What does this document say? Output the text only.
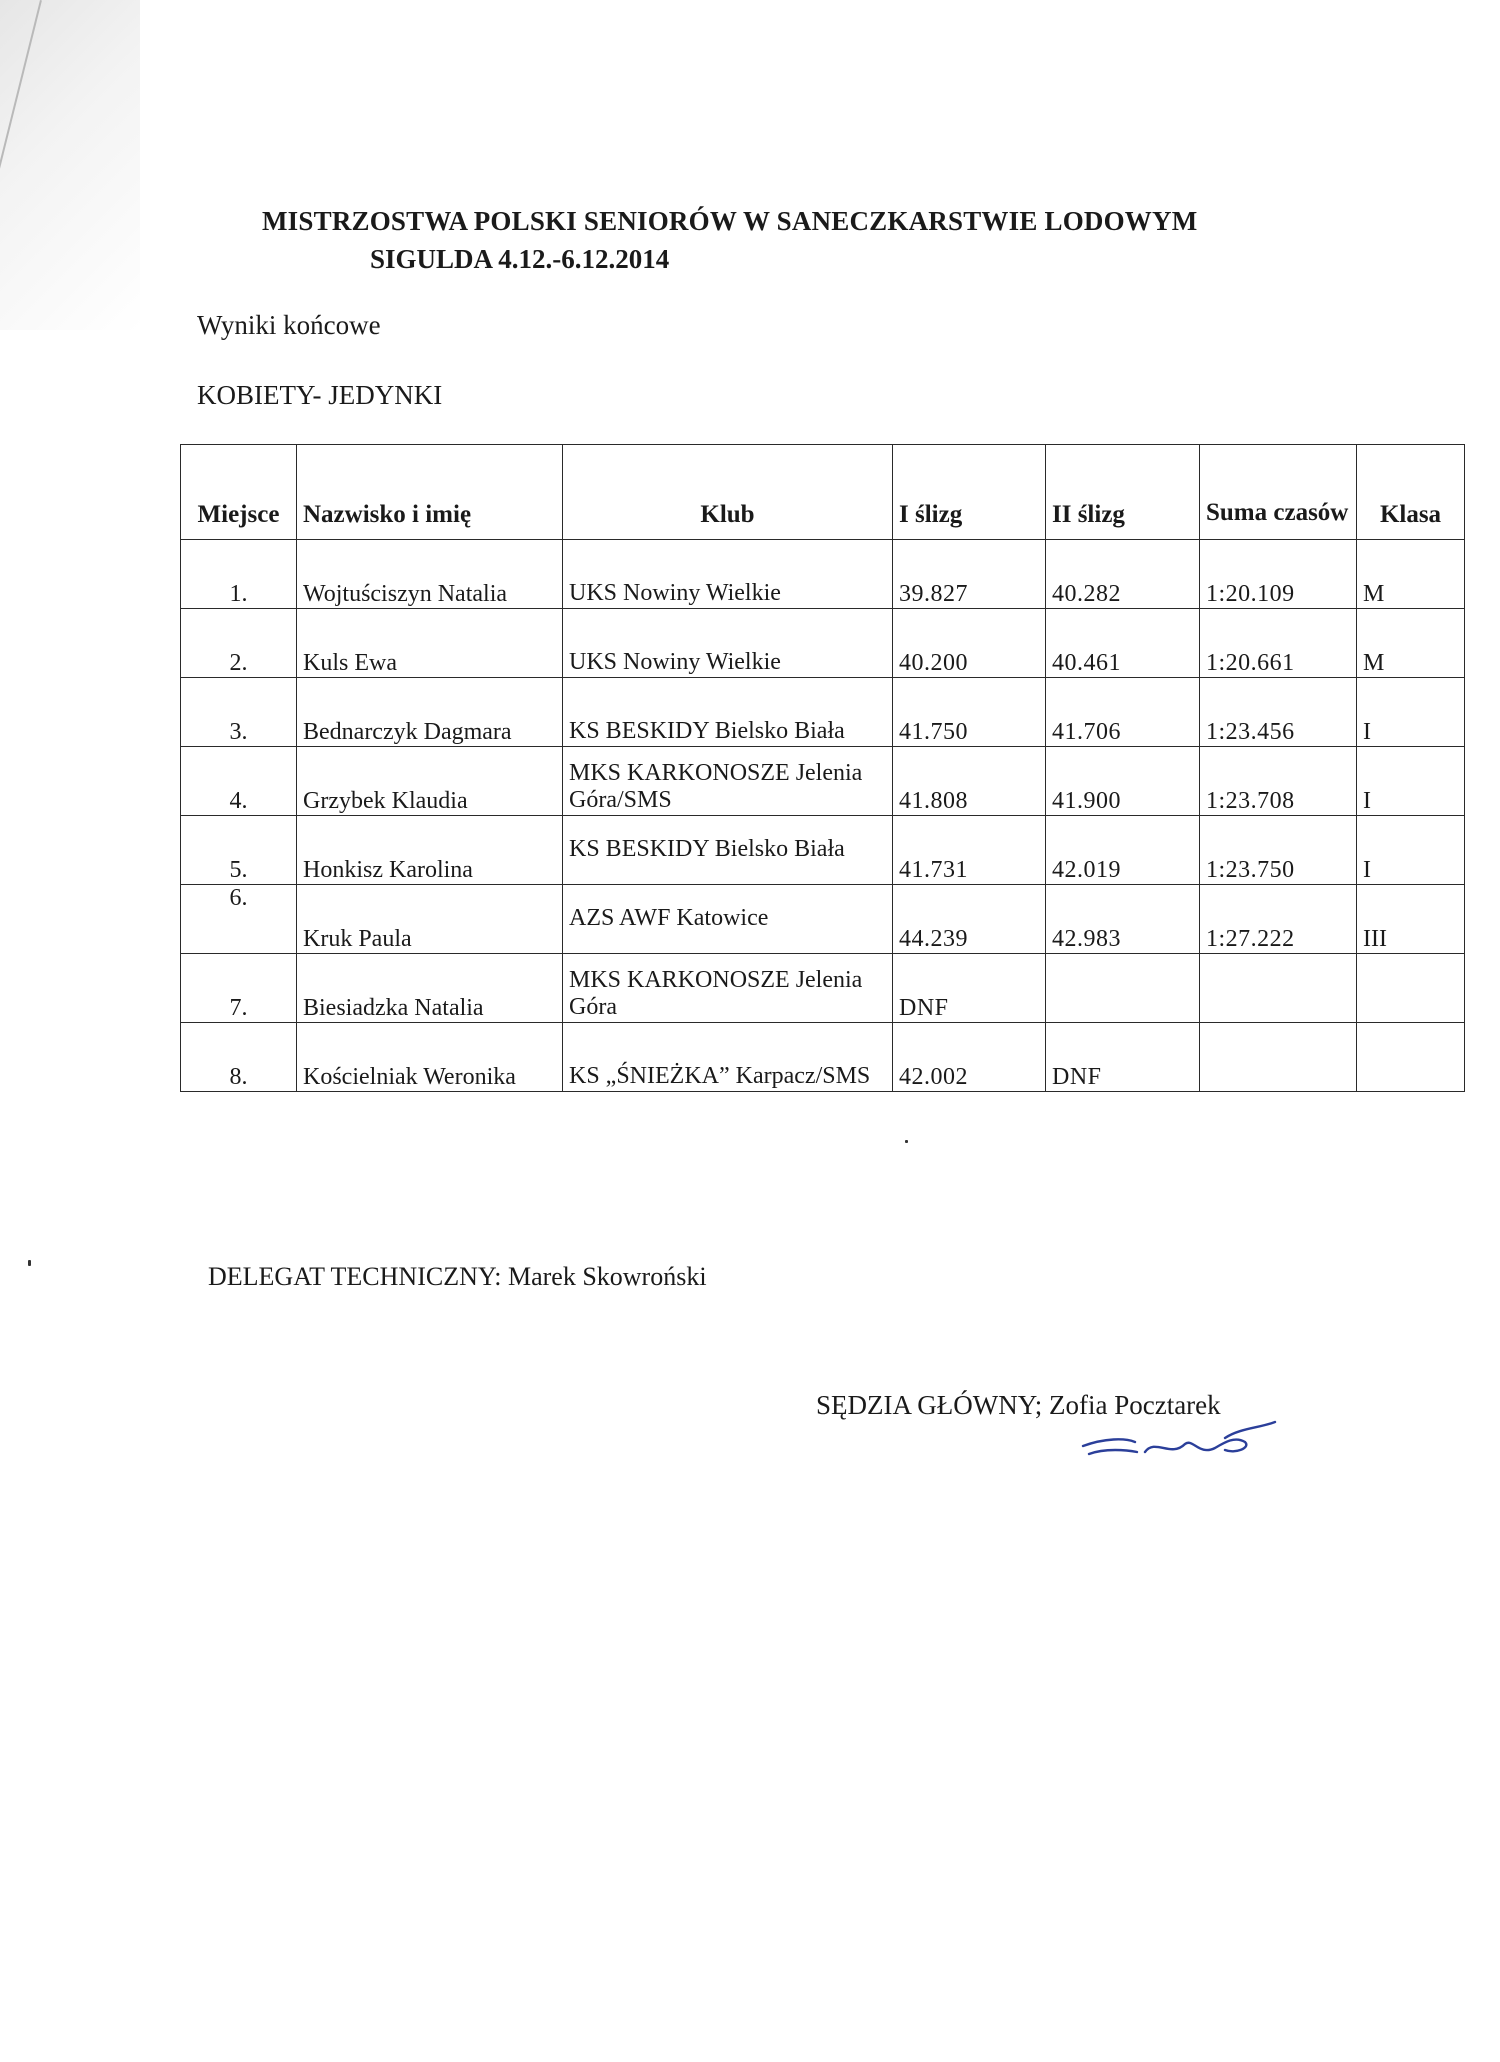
MISTRZOSTWA POLSKI SENIORÓW W SANECZKARSTWIE LODOWYM
SIGULDA 4.12.-6.12.2014
Wyniki końcowe
KOBIETY- JEDYNKI
Miejsce	Nazwisko i imię	Klub	I ślizg	II ślizg	Suma czasów	Klasa
1.	Wojtuściszyn Natalia	UKS Nowiny Wielkie	39.827	40.282	1:20.109	M
2.	Kuls Ewa	UKS Nowiny Wielkie	40.200	40.461	1:20.661	M
3.	Bednarczyk Dagmara	KS BESKIDY Bielsko Biała	41.750	41.706	1:23.456	I
4.	Grzybek Klaudia	MKS KARKONOSZE Jelenia Góra/SMS	41.808	41.900	1:23.708	I
5.	Honkisz Karolina	KS BESKIDY Bielsko Biała	41.731	42.019	1:23.750	I
6.	Kruk Paula	AZS AWF Katowice	44.239	42.983	1:27.222	III
7.	Biesiadzka Natalia	MKS KARKONOSZE Jelenia Góra	DNF			
8.	Kościelniak Weronika	KS „ŚNIEŻKA” Karpacz/SMS	42.002	DNF		
DELEGAT TECHNICZNY: Marek Skowroński
SĘDZIA GŁÓWNY; Zofia Pocztarek
